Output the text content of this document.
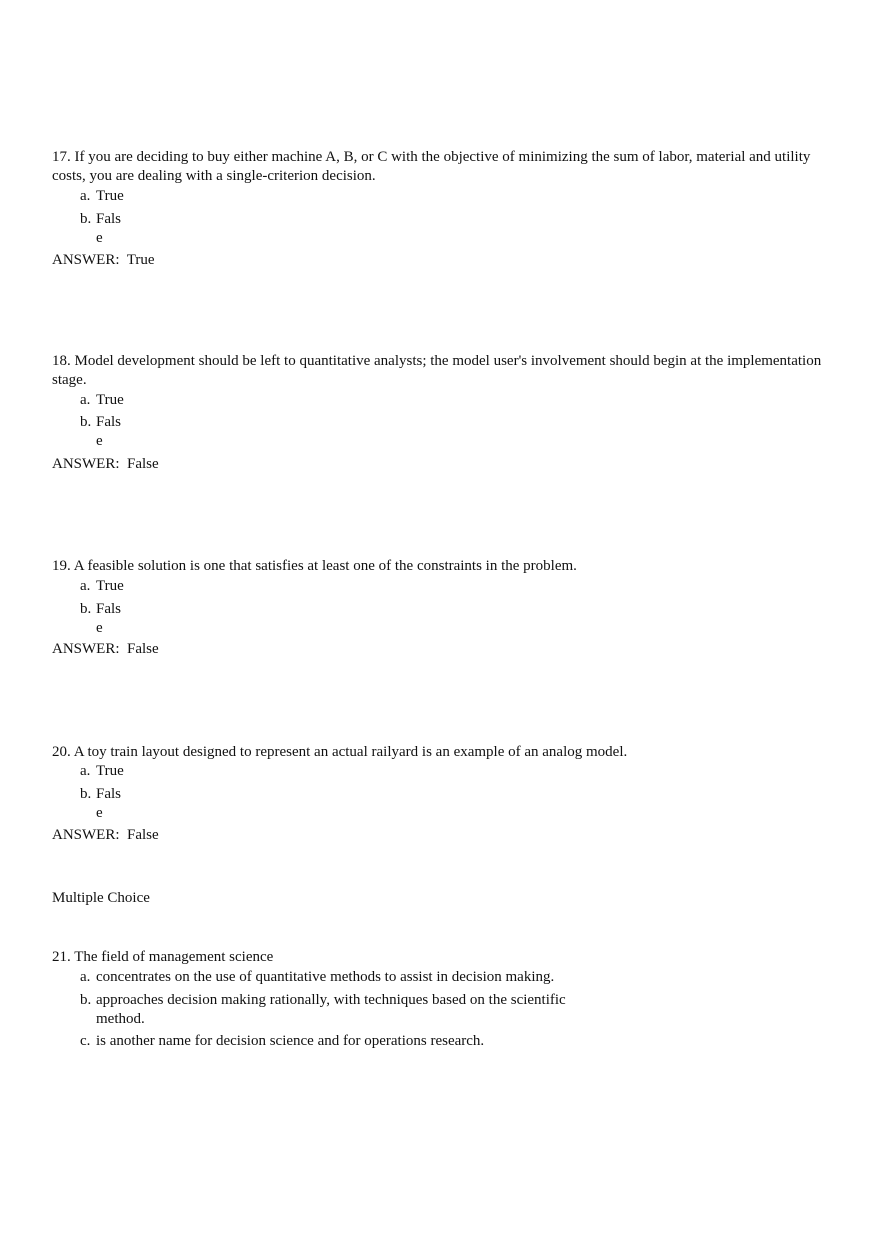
17. If you are deciding to buy either machine A, B, or C with the objective of minimizing the sum of labor, material and utility costs, you are dealing with a single-criterion decision.
a. True
b. Fals
e
ANSWER: True
18. Model development should be left to quantitative analysts; the model user's involvement should begin at the implementation stage.
a. True
b. Fals
e
ANSWER: False
19. A feasible solution is one that satisfies at least one of the constraints in the problem.
a. True
b. Fals
e
ANSWER: False
20. A toy train layout designed to represent an actual railyard is an example of an analog model.
a. True
b. Fals
e
ANSWER: False
Multiple Choice
21. The field of management science
a. concentrates on the use of quantitative methods to assist in decision making.
b. approaches decision making rationally, with techniques based on the scientific method.
c. is another name for decision science and for operations research.
